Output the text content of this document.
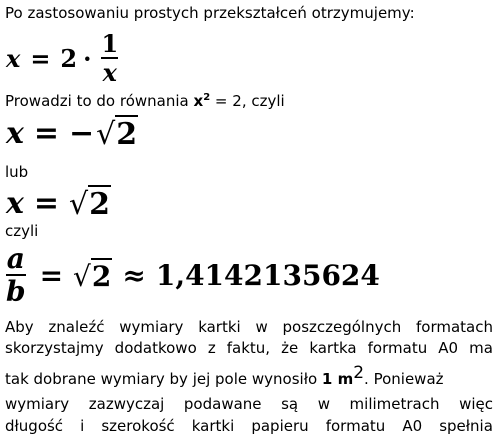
Po zastosowaniu prostych przekształceń otrzymujemy:
$x = 2 \cdot \frac{1}{x}$
Prowadzi to do równania $x^2 = 2$, czyli
x = − √ 2
lub
x = √ 2
czyli
$\frac{a}{b}$ = √ 2 ≈ 1,4142135624
Aby znaleźć wymiary kartki w poszczególnych formatach
skorzystajmy dodatkowo z faktu, że kartka formatu A0 ma
tak dobrane wymiary by jej pole wynosiło 1 $m^2$. Ponieważ
wymiary zazwyczaj podawane są w milimetrach więc
długość i szerokość kartki papieru formatu A0 spełnia
